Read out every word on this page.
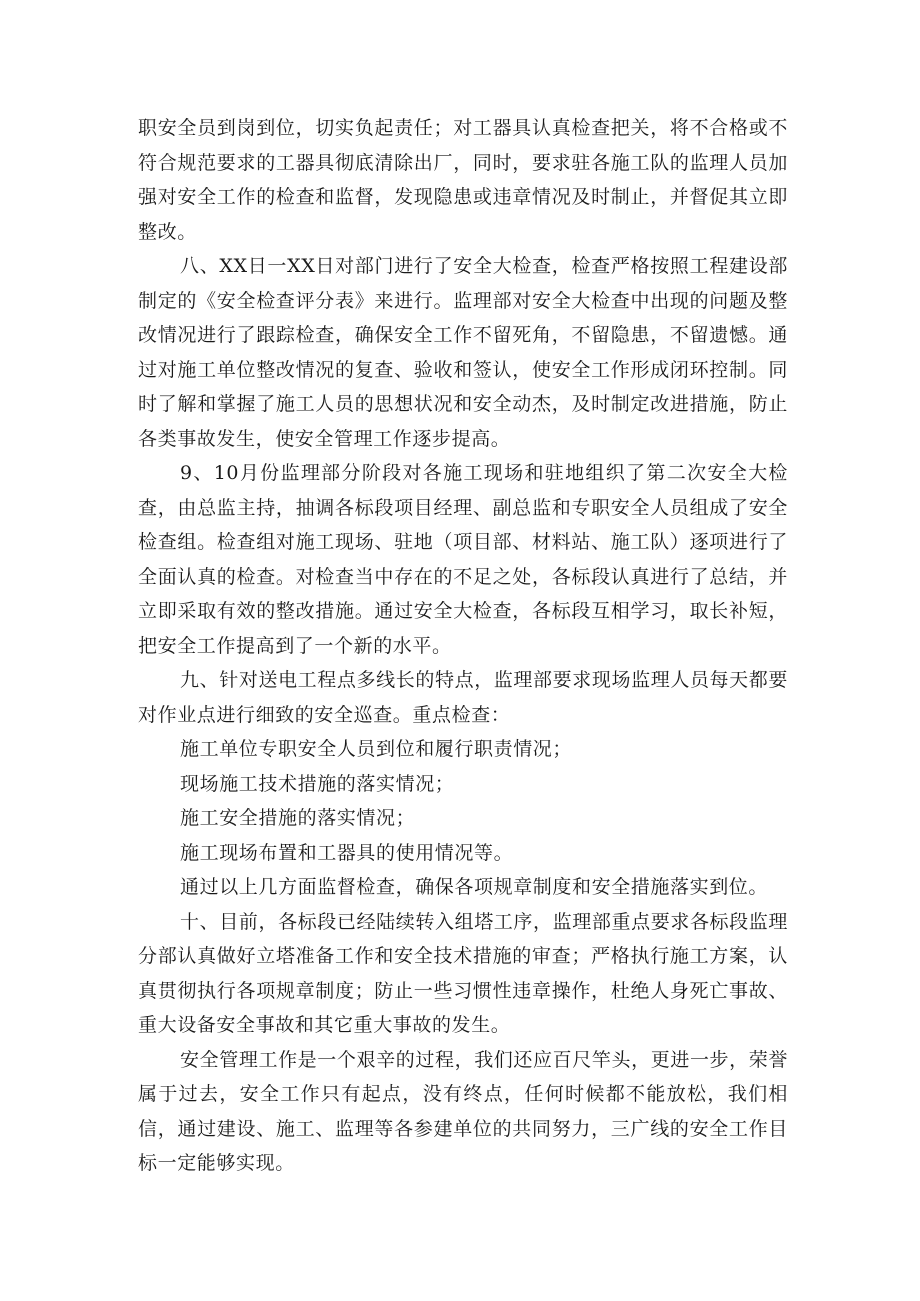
职安全员到岗到位，切实负起责任；对工器具认真检查把关，将不合格或不符合规范要求的工器具彻底清除出厂，同时，要求驻各施工队的监理人员加强对安全工作的检查和监督，发现隐患或违章情况及时制止，并督促其立即整改。

八、XX日一XX日对部门进行了安全大检查，检查严格按照工程建设部制定的《安全检查评分表》来进行。监理部对安全大检查中出现的问题及整改情况进行了跟踪检查，确保安全工作不留死角，不留隐患，不留遗憾。通过对施工单位整改情况的复查、验收和签认，使安全工作形成闭环控制。同时了解和掌握了施工人员的思想状况和安全动杰，及时制定改进措施，防止各类事故发生，使安全管理工作逐步提高。

9、10月份监理部分阶段对各施工现场和驻地组织了第二次安全大检查，由总监主持，抽调各标段项目经理、副总监和专职安全人员组成了安全检查组。检查组对施工现场、驻地（项目部、材料站、施工队）逐项进行了全面认真的检查。对检查当中存在的不足之处，各标段认真进行了总结，并立即采取有效的整改措施。通过安全大检查，各标段互相学习，取长补短，把安全工作提高到了一个新的水平。

九、针对送电工程点多线长的特点，监理部要求现场监理人员每天都要对作业点进行细致的安全巡查。重点检查：

施工单位专职安全人员到位和履行职责情况；

现场施工技术措施的落实情况；

施工安全措施的落实情况；

施工现场布置和工器具的使用情况等。

通过以上几方面监督检查，确保各项规章制度和安全措施落实到位。

十、目前，各标段已经陆续转入组塔工序，监理部重点要求各标段监理分部认真做好立塔准备工作和安全技术措施的审查；严格执行施工方案，认真贯彻执行各项规章制度；防止一些习惯性违章操作，杜绝人身死亡事故、重大设备安全事故和其它重大事故的发生。

安全管理工作是一个艰辛的过程，我们还应百尺竿头，更进一步，荣誉属于过去，安全工作只有起点，没有终点，任何时候都不能放松，我们相信，通过建设、施工、监理等各参建单位的共同努力，三广线的安全工作目标一定能够实现。
